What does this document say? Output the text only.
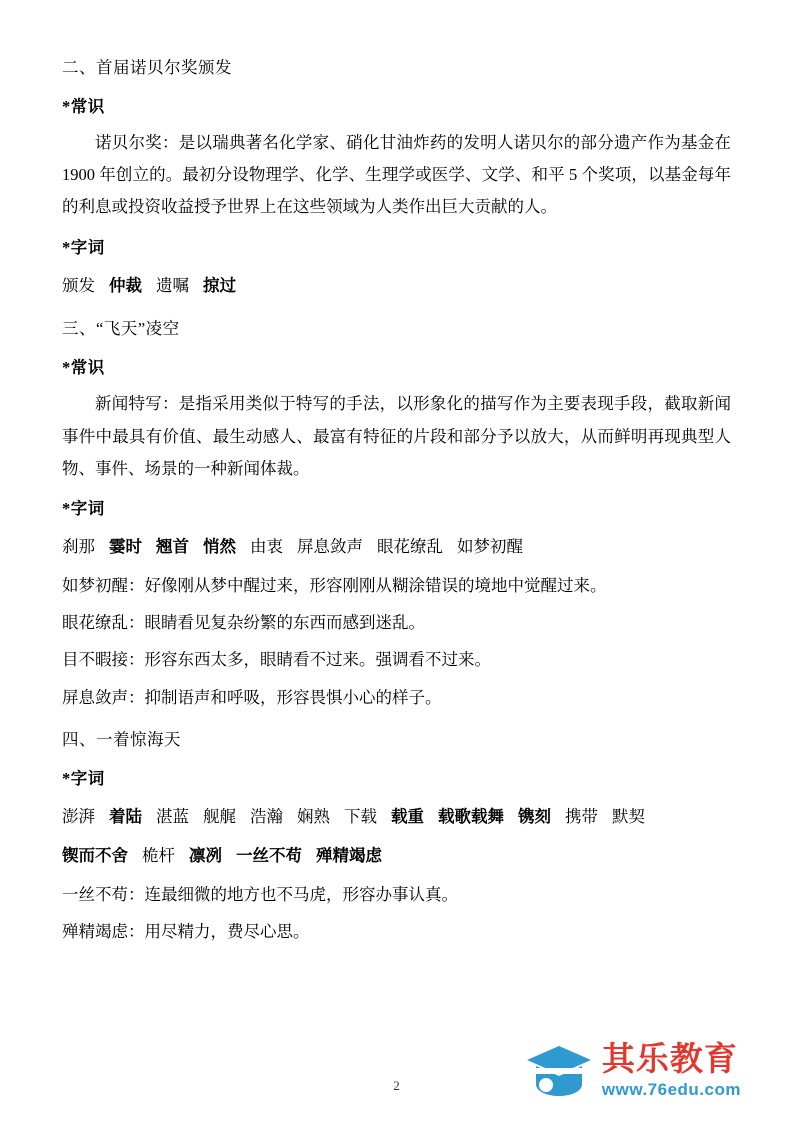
二、首届诺贝尔奖颁发
*常识

诺贝尔奖：是以瑞典著名化学家、硝化甘油炸药的发明人诺贝尔的部分遗产作为基金在 1900 年创立的。最初分设物理学、化学、生理学或医学、文学、和平 5 个奖项，以基金每年的利息或投资收益授予世界上在这些领域为人类作出巨大贡献的人。

*字词

颁发 仲裁 遗嘱 掠过

三、“飞天”凌空
*常识

新闻特写：是指采用类似于特写的手法，以形象化的描写作为主要表现手段，截取新闻事件中最具有价值、最生动感人、最富有特征的片段和部分予以放大，从而鲜明再现典型人物、事件、场景的一种新闻体裁。

*字词

刹那 霎时 翘首 悄然 由衷 屏息敛声 眼花缭乱 如梦初醒

如梦初醒：好像刚从梦中醒过来，形容刚刚从糊涂错误的境地中觉醒过来。

眼花缭乱：眼睛看见复杂纷繁的东西而感到迷乱。

目不暇接：形容东西太多，眼睛看不过来。强调看不过来。

屏息敛声：抑制语声和呼吸，形容畏惧小心的样子。

四、一着惊海天
*字词

澎湃 着陆 湛蓝 舰艉 浩瀚 娴熟 下载 载重 载歌载舞 镌刻 携带 默契

锲而不舍 桅杆 凛冽 一丝不苟 殚精竭虑

一丝不苟：连最细微的地方也不马虎，形容办事认真。

殚精竭虑：用尽精力，费尽心思。

2
其乐教育
www.76edu.com
